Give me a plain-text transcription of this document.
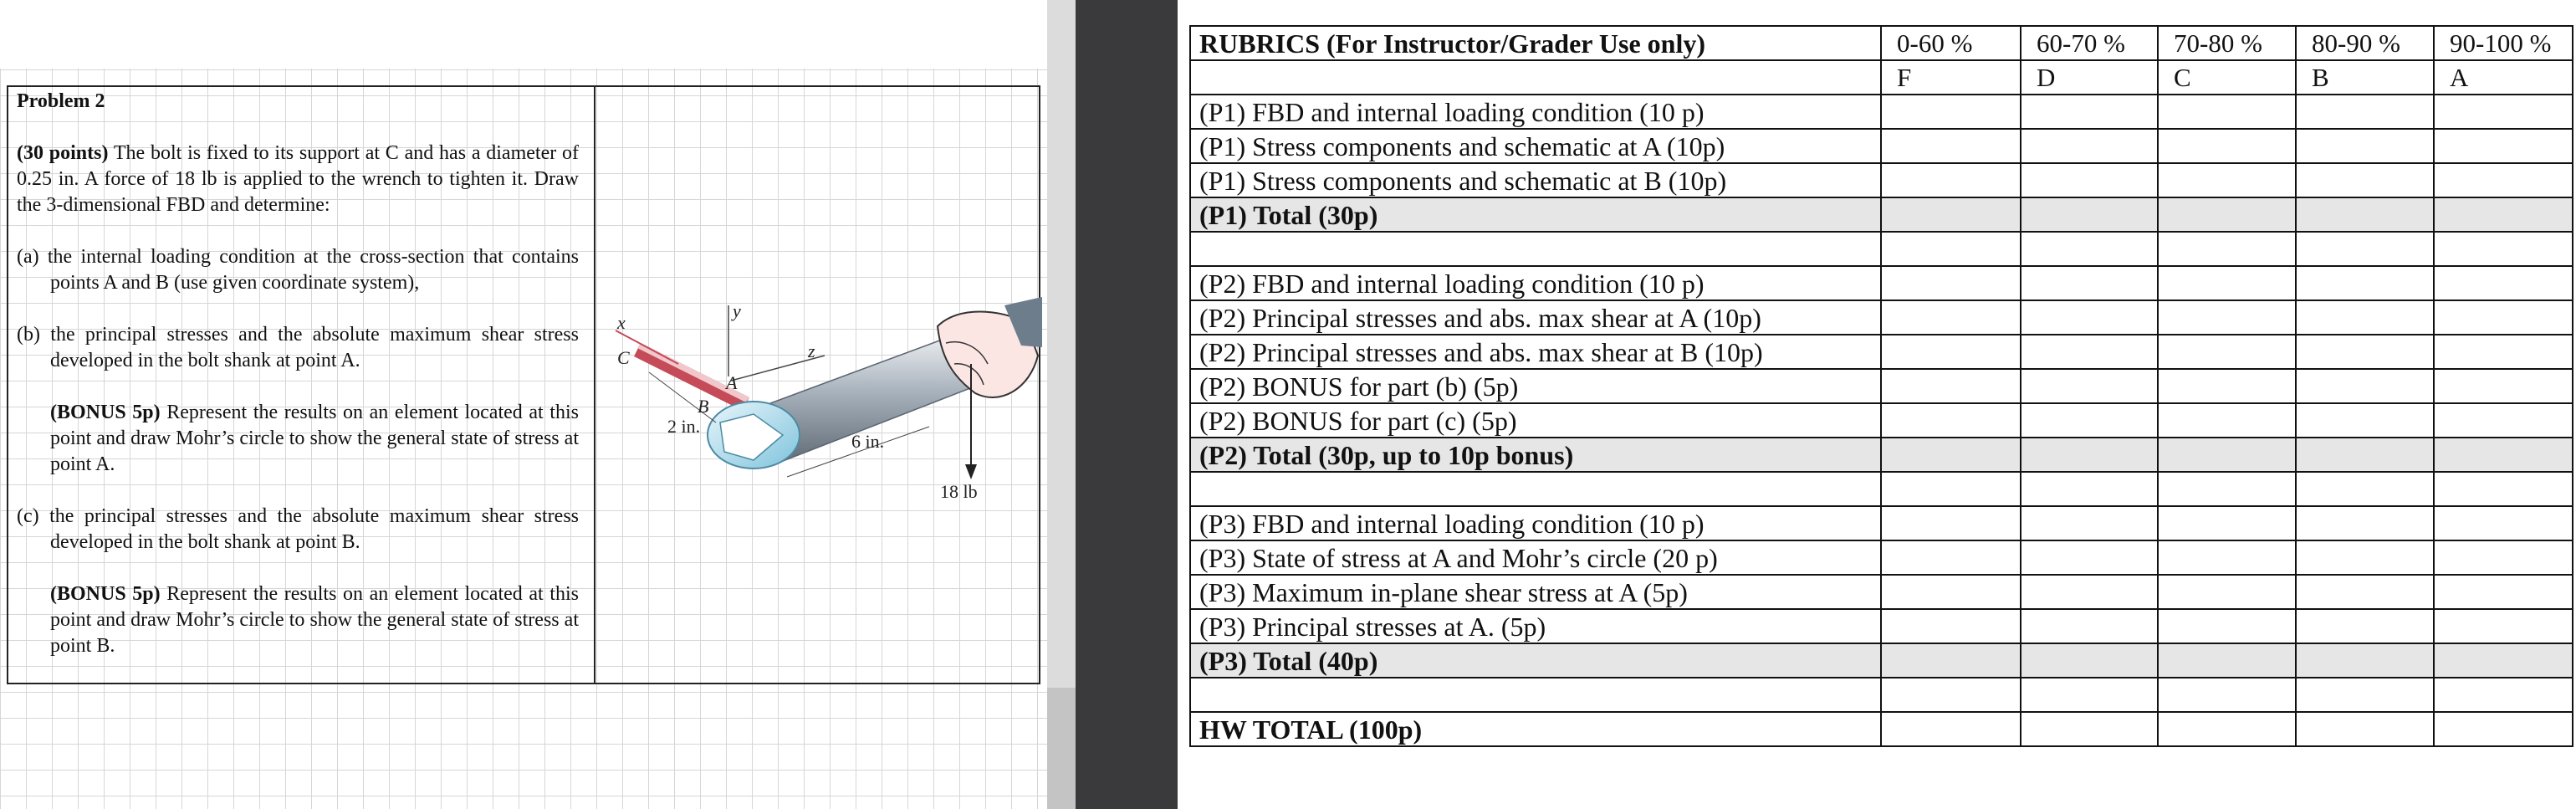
Problem 2

(30 points) The bolt is fixed to its support at C and has a diameter of 0.25 in. A force of 18 lb is applied to the wrench to tighten it. Draw the 3-dimensional FBD and determine:

(a) the internal loading condition at the cross-section that contains points A and B (use given coordinate system),

(b) the principal stresses and the absolute maximum shear stress developed in the bolt shank at point A.

(BONUS 5p) Represent the results on an element located at this point and draw Mohr’s circle to show the general state of stress at point A.

(c) the principal stresses and the absolute maximum shear stress developed in the bolt shank at point B.

(BONUS 5p) Represent the results on an element located at this point and draw Mohr’s circle to show the general state of stress at point B.

y
x
z
18 lb
2 in.
6 in.
C
A
B
RUBRICS (For Instructor/Grader Use only)	0-60 %	60-70 %	70-80 %	80-90 %	90-100 %
	F	D	C	B	A
(P1) FBD and internal loading condition (10 p)					
(P1) Stress components and schematic at A (10p)					
(P1) Stress components and schematic at B (10p)					
(P1) Total (30p)					

(P2) FBD and internal loading condition (10 p)					
(P2) Principal stresses and abs. max shear at A (10p)					
(P2) Principal stresses and abs. max shear at B (10p)					
(P2) BONUS for part (b) (5p)					
(P2) BONUS for part (c) (5p)					
(P2) Total (30p, up to 10p bonus)					

(P3) FBD and internal loading condition (10 p)					
(P3) State of stress at A and Mohr’s circle (20 p)					
(P3) Maximum in-plane shear stress at A (5p)					
(P3) Principal stresses at A. (5p)					
(P3) Total (40p)					

HW TOTAL (100p)					
